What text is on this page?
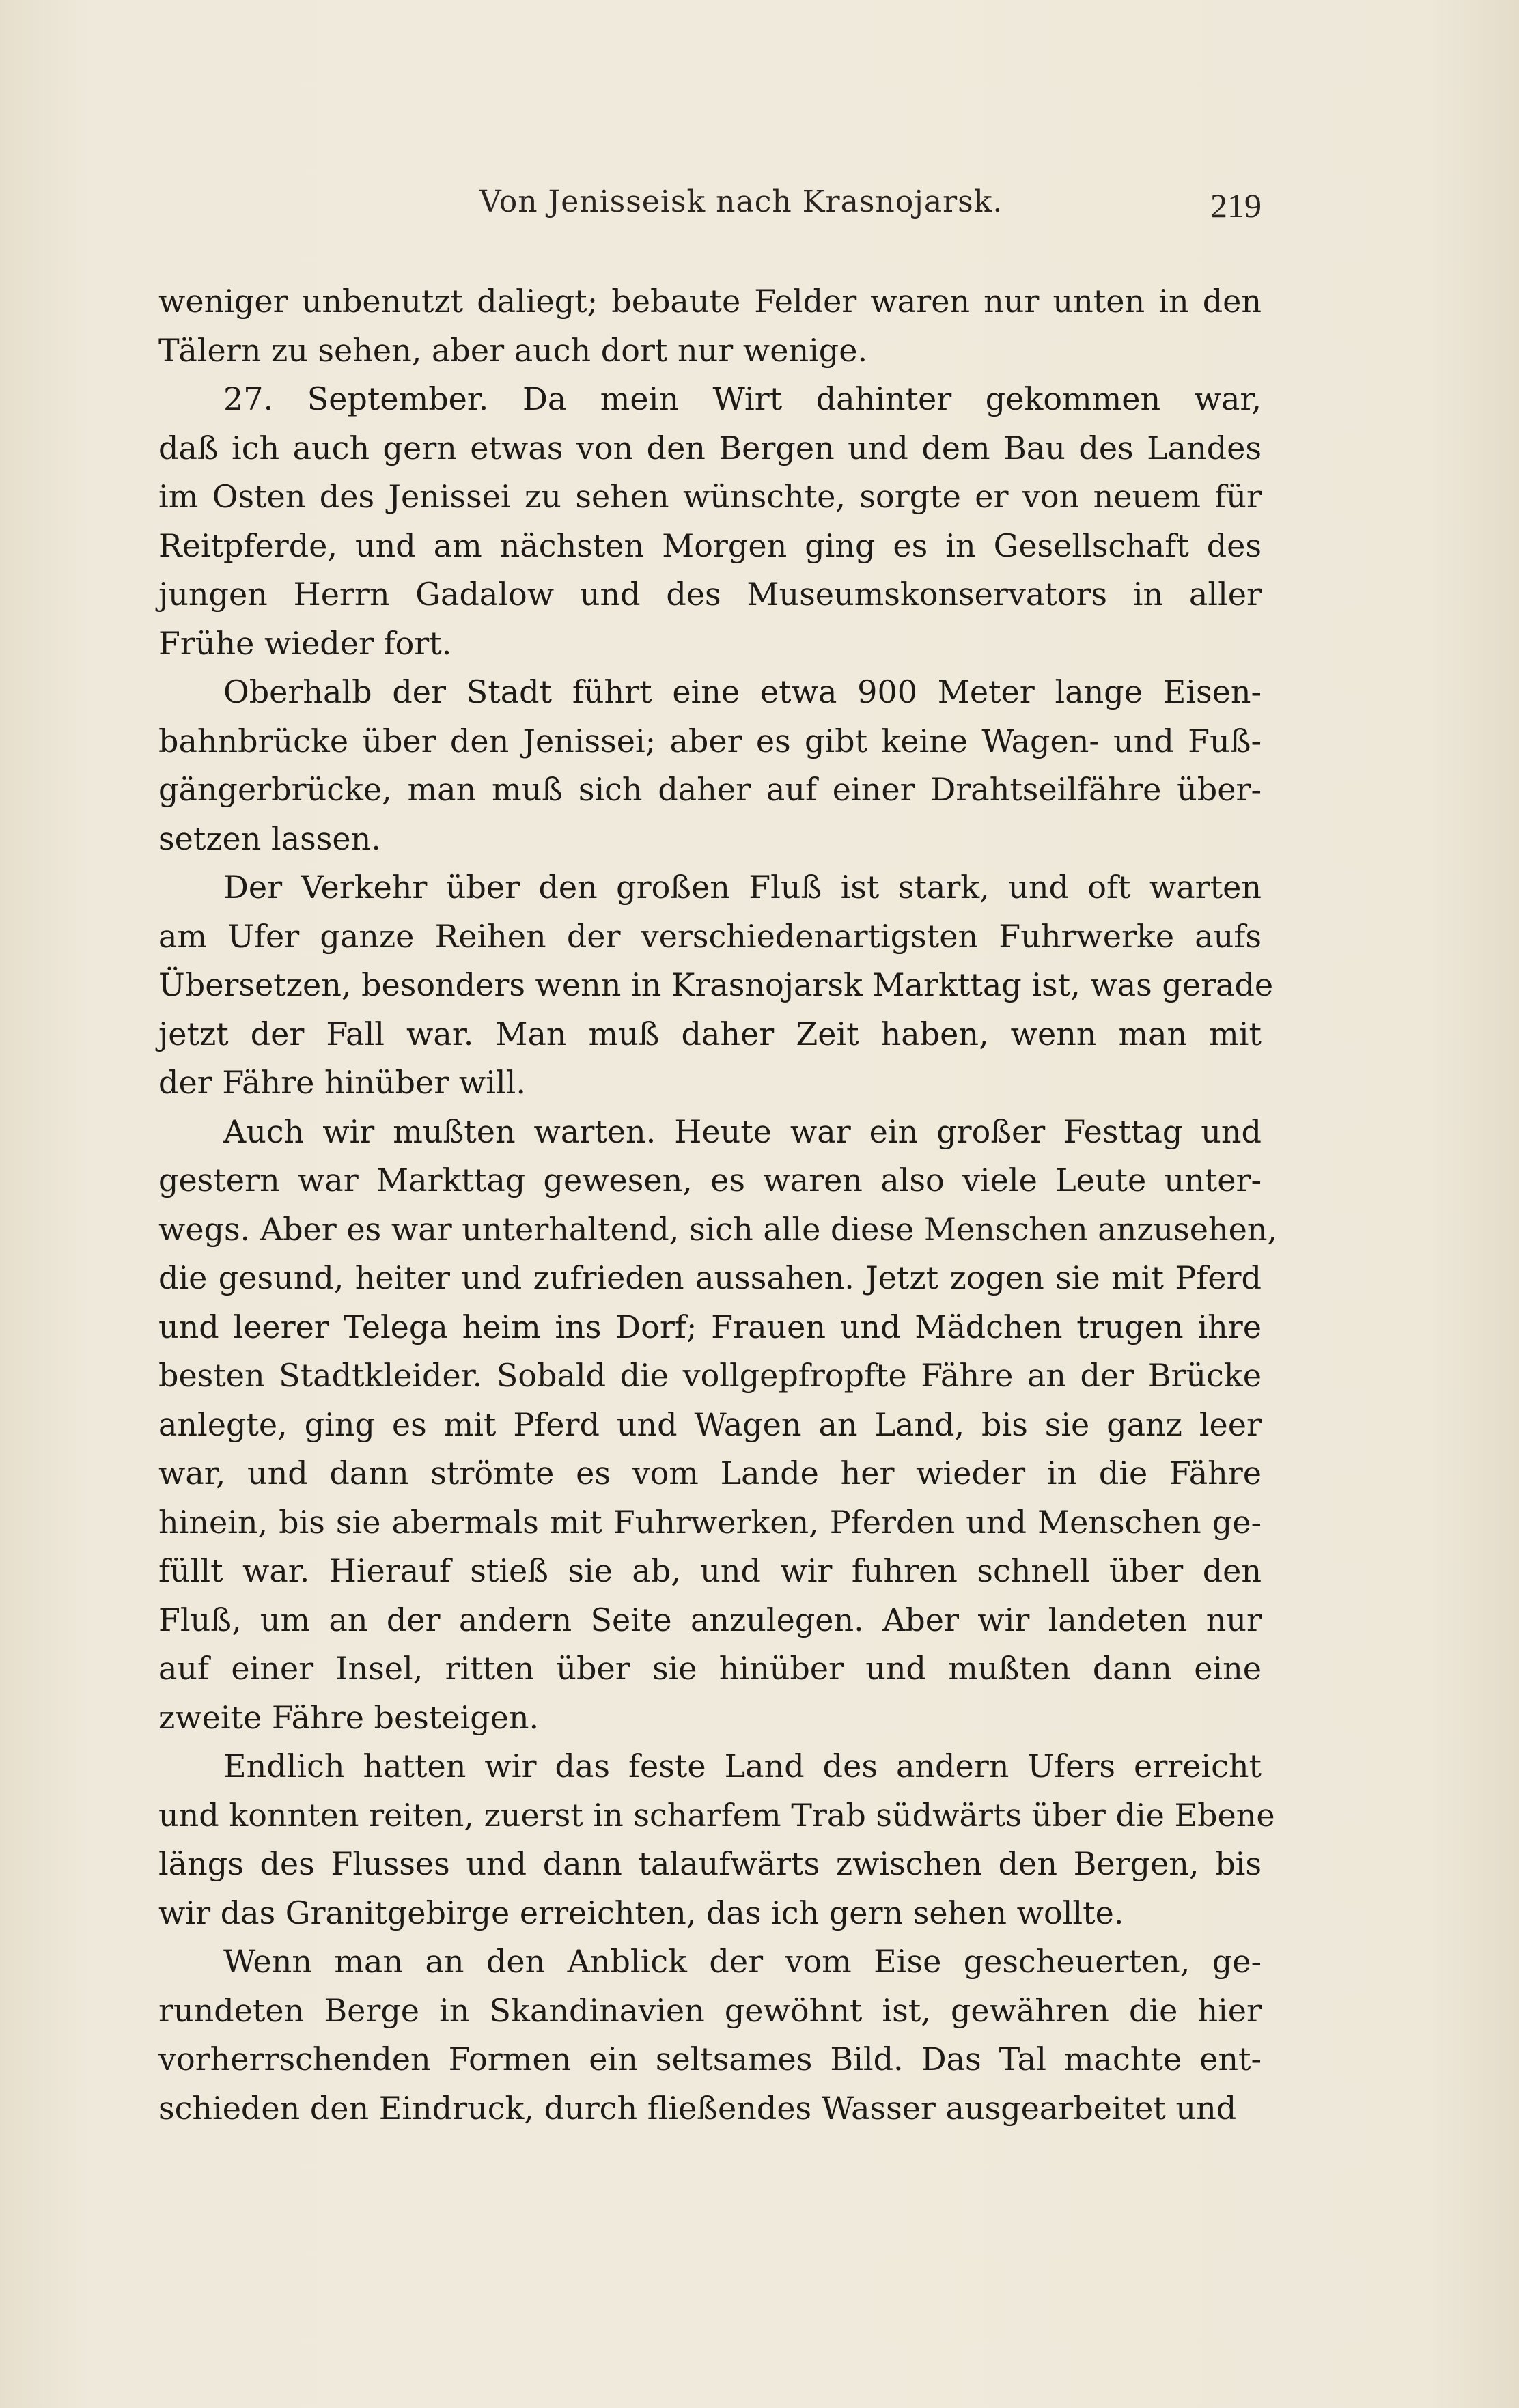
Von Jenisseisk nach Krasnojarsk.	219
weniger unbenutzt daliegt; bebaute Felder waren nur unten in den
Tälern zu sehen, aber auch dort nur wenige.
27. September. Da mein Wirt dahinter gekommen war,
daß ich auch gern etwas von den Bergen und dem Bau des Landes
im Osten des Jenissei zu sehen wünschte, sorgte er von neuem für
Reitpferde, und am nächsten Morgen ging es in Gesellschaft des
jungen Herrn Gadalow und des Museumskonservators in aller
Frühe wieder fort.
Oberhalb der Stadt führt eine etwa 900 Meter lange Eisen-
bahnbrücke über den Jenissei; aber es gibt keine Wagen- und Fuß-
gängerbrücke, man muß sich daher auf einer Drahtseilfähre über-
setzen lassen.
Der Verkehr über den großen Fluß ist stark, und oft warten
am Ufer ganze Reihen der verschiedenartigsten Fuhrwerke aufs
Übersetzen, besonders wenn in Krasnojarsk Markttag ist, was gerade
jetzt der Fall war. Man muß daher Zeit haben, wenn man mit
der Fähre hinüber will.
Auch wir mußten warten. Heute war ein großer Festtag und
gestern war Markttag gewesen, es waren also viele Leute unter-
wegs. Aber es war unterhaltend, sich alle diese Menschen anzusehen,
die gesund, heiter und zufrieden aussahen. Jetzt zogen sie mit Pferd
und leerer Telega heim ins Dorf; Frauen und Mädchen trugen ihre
besten Stadtkleider. Sobald die vollgepfropfte Fähre an der Brücke
anlegte, ging es mit Pferd und Wagen an Land, bis sie ganz leer
war, und dann strömte es vom Lande her wieder in die Fähre
hinein, bis sie abermals mit Fuhrwerken, Pferden und Menschen ge-
füllt war. Hierauf stieß sie ab, und wir fuhren schnell über den
Fluß, um an der andern Seite anzulegen. Aber wir landeten nur
auf einer Insel, ritten über sie hinüber und mußten dann eine
zweite Fähre besteigen.
Endlich hatten wir das feste Land des andern Ufers erreicht
und konnten reiten, zuerst in scharfem Trab südwärts über die Ebene
längs des Flusses und dann talaufwärts zwischen den Bergen, bis
wir das Granitgebirge erreichten, das ich gern sehen wollte.
Wenn man an den Anblick der vom Eise gescheuerten, ge-
rundeten Berge in Skandinavien gewöhnt ist, gewähren die hier
vorherrschenden Formen ein seltsames Bild. Das Tal machte ent-
schieden den Eindruck, durch fließendes Wasser ausgearbeitet und
